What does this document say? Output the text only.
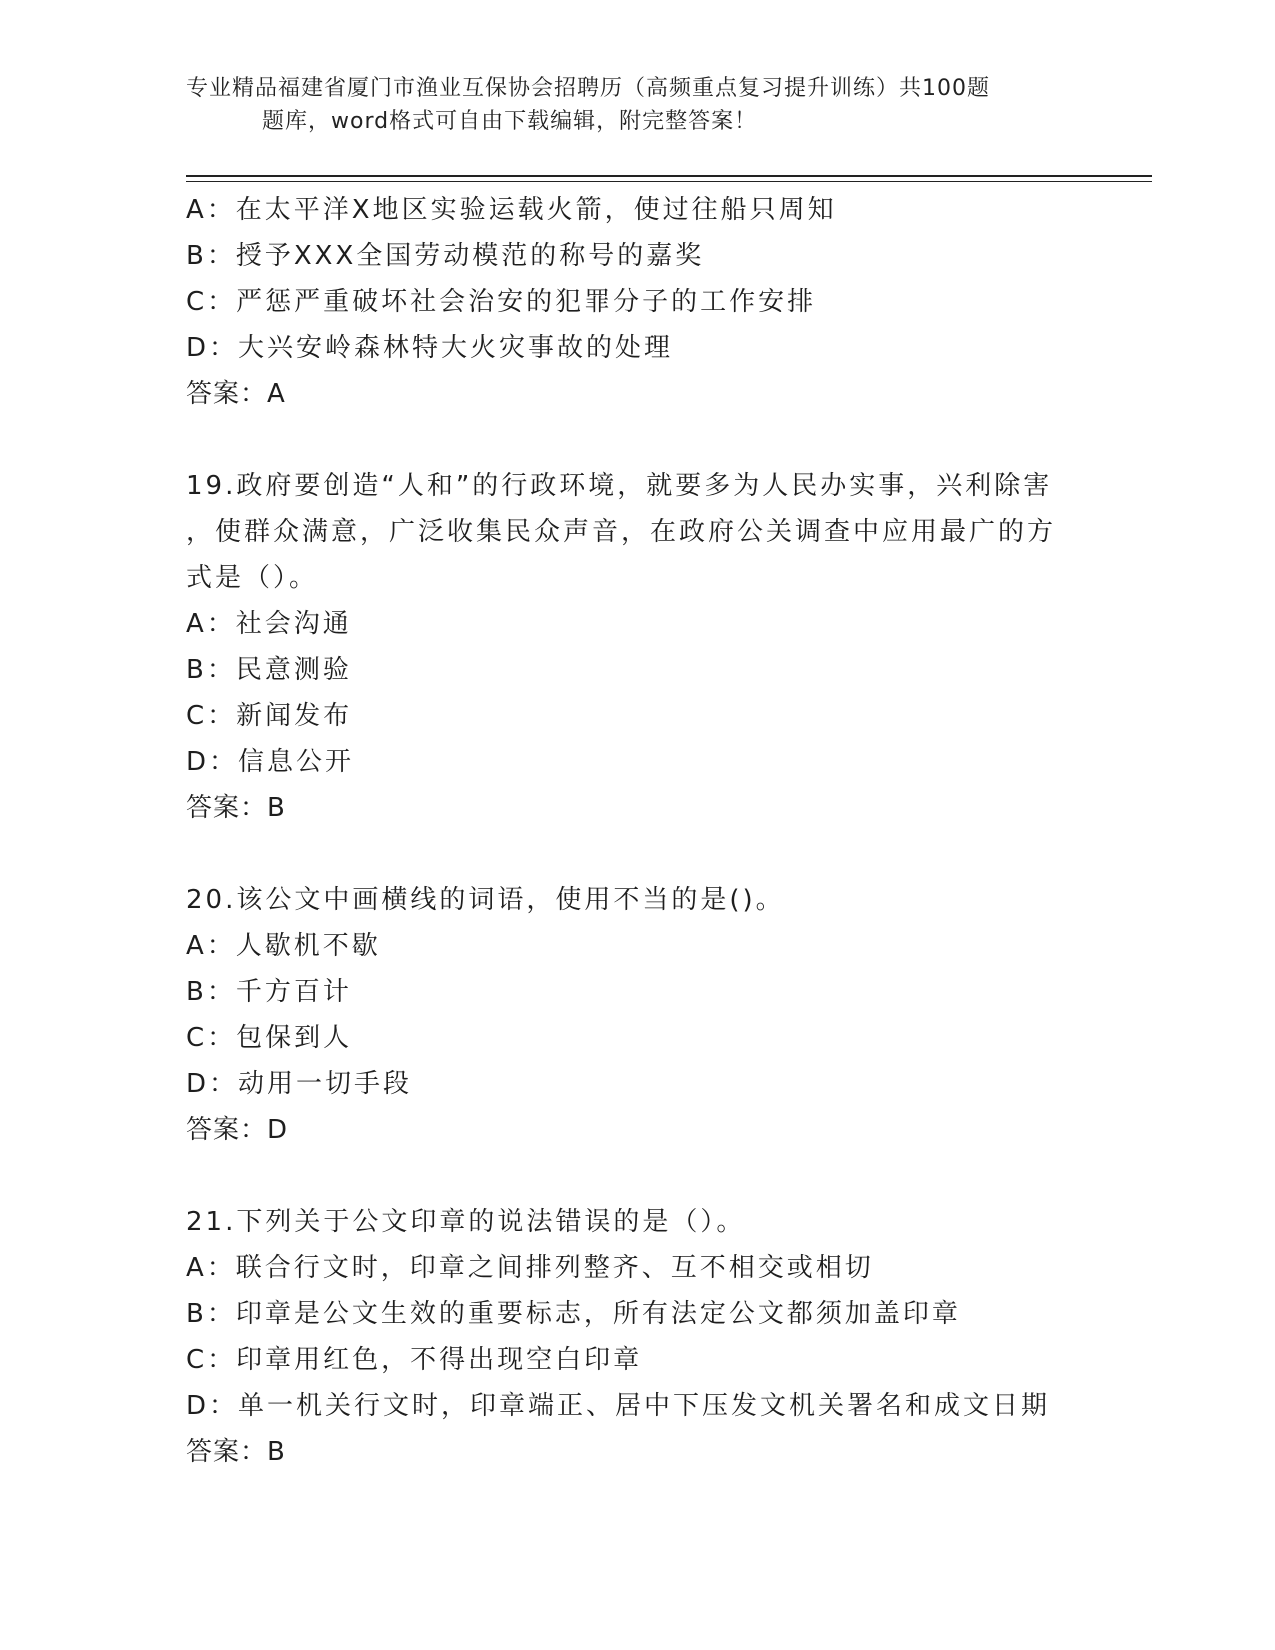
专业精品福建省厦门市渔业互保协会招聘历（高频重点复习提升训练）共100题

题库，word格式可自由下载编辑，附完整答案！
A：在太平洋X地区实验运载火箭，使过往船只周知
B：授予XXX全国劳动模范的称号的嘉奖
C：严惩严重破坏社会治安的犯罪分子的工作安排
D：大兴安岭森林特大火灾事故的处理
答案：A
19.政府要创造“人和”的行政环境，就要多为人民办实事，兴利除害
，使群众满意，广泛收集民众声音，在政府公关调查中应用最广的方
式是（）。
A：社会沟通
B：民意测验
C：新闻发布
D：信息公开
答案：B
20.该公文中画横线的词语，使用不当的是()。
A：人歇机不歇
B：千方百计
C：包保到人
D：动用一切手段
答案：D
21.下列关于公文印章的说法错误的是（）。
A：联合行文时，印章之间排列整齐、互不相交或相切
B：印章是公文生效的重要标志，所有法定公文都须加盖印章
C：印章用红色，不得出现空白印章
D：单一机关行文时，印章端正、居中下压发文机关署名和成文日期
答案：B
